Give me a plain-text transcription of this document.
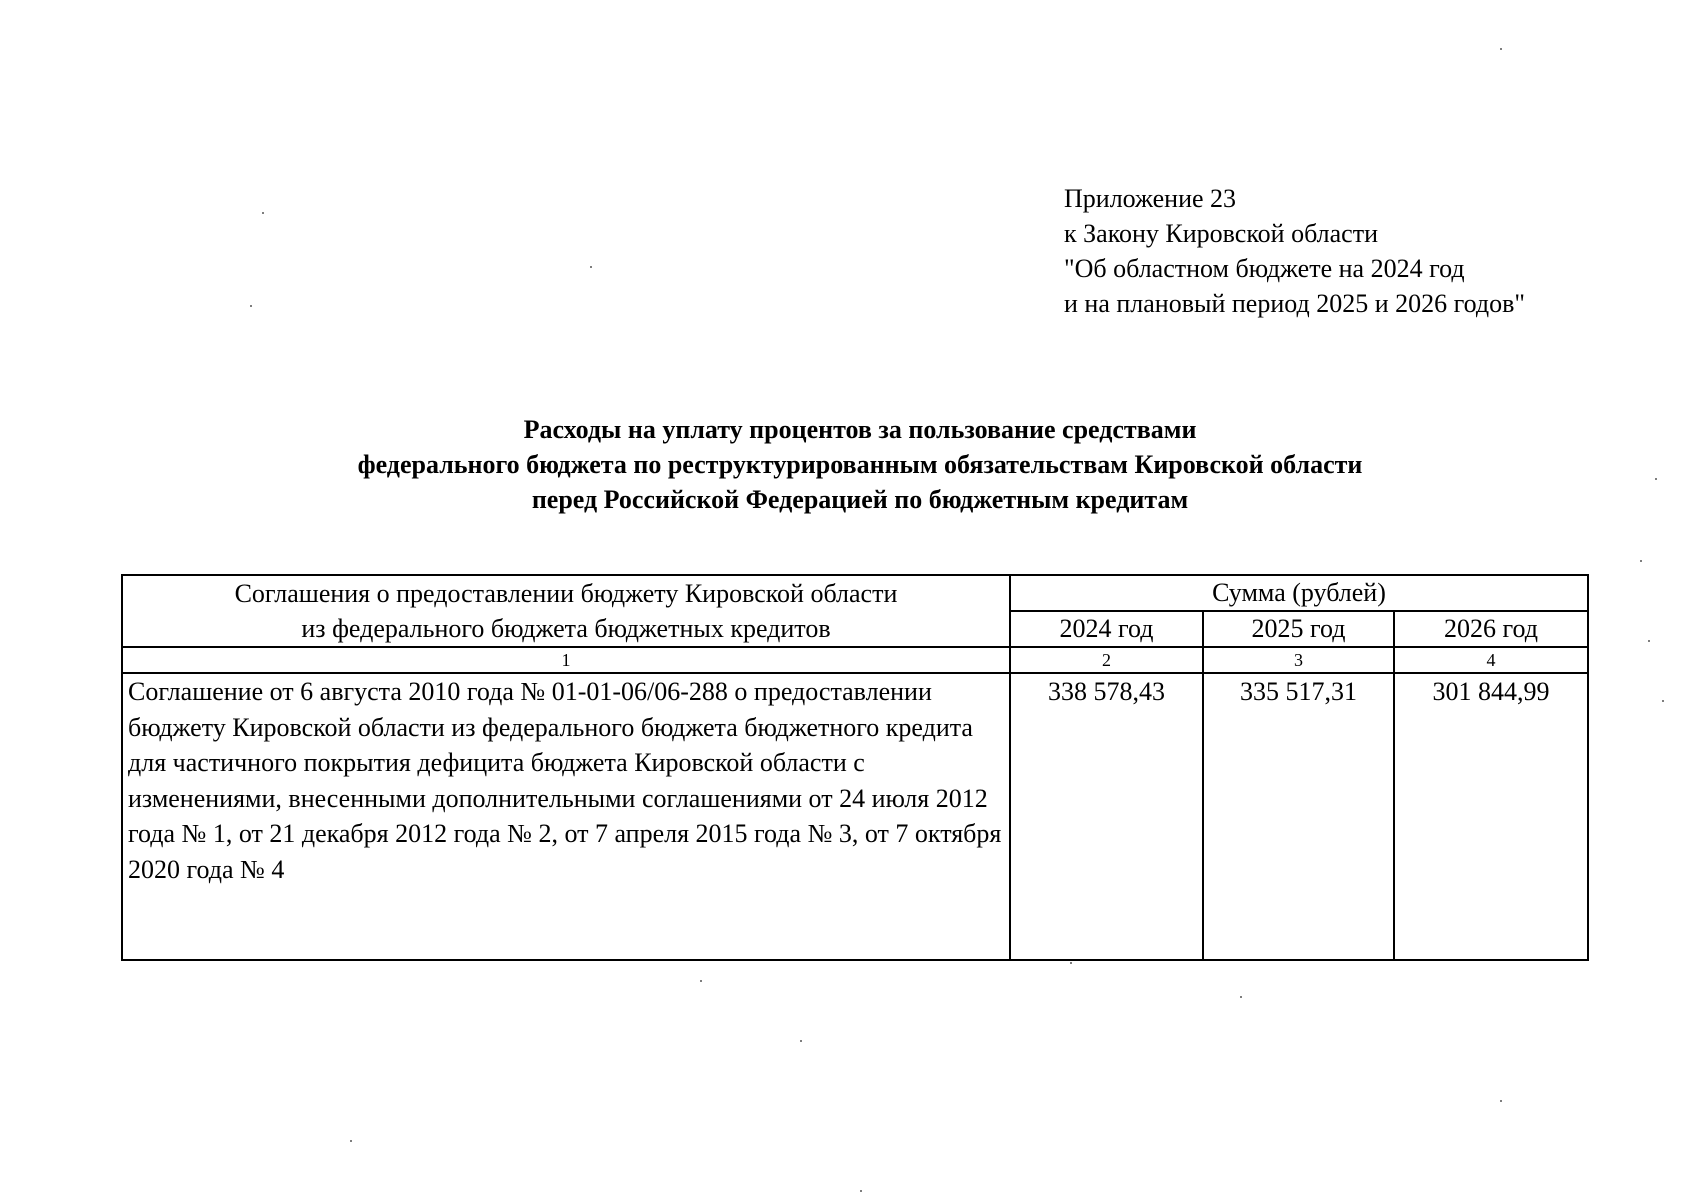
Приложение 23
к Закону Кировской области
"Об областном бюджете на 2024 год
и на плановый период 2025 и 2026 годов"
Расходы на уплату процентов за пользование средствами
федерального бюджета по реструктурированным обязательствам Кировской области
перед Российской Федерацией по бюджетным кредитам
Соглашения о предоставлении бюджету Кировской области
из федерального бюджета бюджетных кредитов	Сумма (рублей)		
	2024 год	2025 год	2026 год
1	2	3	4
Соглашение от 6 августа 2010 года № 01-01-06/06-288 о предоставлении бюджету Кировской области из федерального бюджета бюджетного кредита для частичного покрытия дефицита бюджета Кировской области с изменениями, внесенными дополнительными соглашениями от 24 июля 2012 года № 1, от 21 декабря 2012 года № 2, от 7 апреля 2015 года № 3, от 7 октября 2020 года № 4	338 578,43	335 517,31	301 844,99
